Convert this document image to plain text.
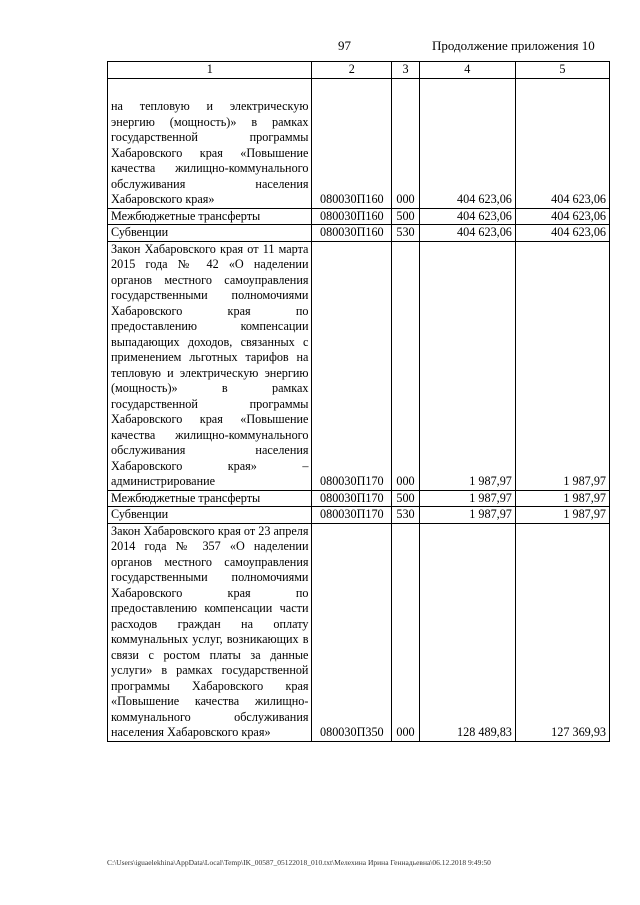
97	Продолжение приложения 10
1	2	3	4	5
на тепловую и электрическую энергию (мощность)» в рамках государственной программы Хабаровского края «Повышение качества жилищно-коммунального обслуживания населения Хабаровского края»	080030П160	000	404 623,06	404 623,06
Межбюджетные трансферты	080030П160	500	404 623,06	404 623,06
Субвенции	080030П160	530	404 623,06	404 623,06
Закон Хабаровского края от 11 марта 2015 года № 42 «О наделении органов местного самоуправления государственными полномочиями Хабаровского края по предоставлению компенсации выпадающих доходов, связанных с применением льготных тарифов на тепловую и электрическую энергию (мощность)» в рамках государственной программы Хабаровского края «Повышение качества жилищно-коммунального обслуживания населения Хабаровского края» – администрирование	080030П170	000	1 987,97	1 987,97
Межбюджетные трансферты	080030П170	500	1 987,97	1 987,97
Субвенции	080030П170	530	1 987,97	1 987,97
Закон Хабаровского края от 23 апреля 2014 года № 357 «О наделении органов местного самоуправления государственными полномочиями Хабаровского края по предоставлению компенсации части расходов граждан на оплату коммунальных услуг, возникающих в связи с ростом платы за данные услуги» в рамках государственной программы Хабаровского края «Повышение качества жилищно-коммунального обслуживания населения Хабаровского края»	080030П350	000	128 489,83	127 369,93
C:\Users\iguaelekhina\AppData\Local\Temp\IK_00587_05122018_010.txt\Мелехина Ирина Геннадьевна\06.12.2018 9:49:50
